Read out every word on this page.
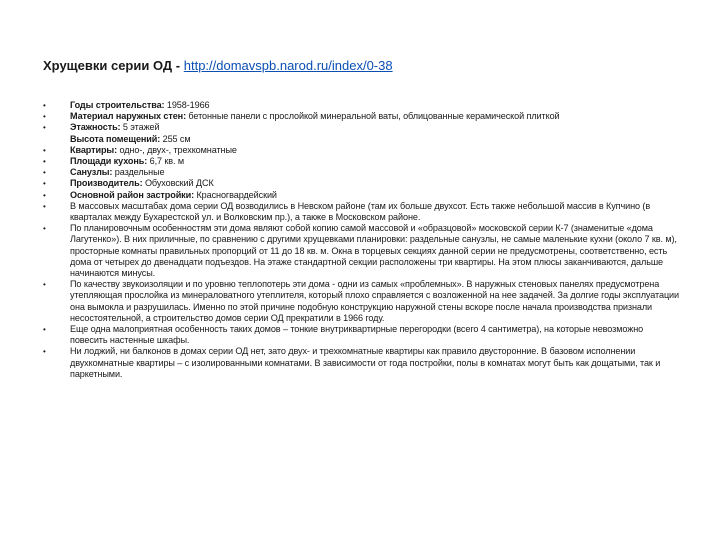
Хрущевки серии ОД - http://domavspb.narod.ru/index/0-38
•	Годы строительства: 1958-1966
•	Материал наружных стен: бетонные панели с прослойкой минеральной ваты, облицованные керамической плиткой
•	Этажность: 5 этажей
Высота помещений: 255 см
•	Квартиры: одно-, двух-, трехкомнатные
•	Площади кухонь: 6,7 кв. м
•	Санузлы: раздельные
•	Производитель: Обуховский ДСК
•	Основной район застройки: Красногвардейский
•	В массовых масштабах дома серии ОД возводились в Невском районе (там их больше двухсот. Есть также небольшой массив в Купчино (в кварталах между Бухарестской ул. и Волковским пр.), а также в Московском районе.
•	По планировочным особенностям эти дома являют собой копию самой массовой и «образцовой» московской серии К-7 (знаменитые «дома Лагутенко»). В них приличные, по сравнению с другими хрущевками планировки: раздельные санузлы, не самые маленькие кухни (около 7 кв. м), просторные комнаты правильных пропорций от 11 до 18 кв. м. Окна в торцевых секциях данной серии не предусмотрены, соответственно, есть дома от четырех до двенадцати подъездов. На этаже стандартной секции расположены три квартиры. На этом плюсы заканчиваются, дальше начинаются минусы.
•	По качеству звукоизоляции и по уровню теплопотерь эти дома - одни из самых «проблемных». В наружных стеновых панелях предусмотрена утепляющая прослойка из минераловатного утеплителя, который плохо справляется с возложенной на нее задачей. За долгие годы эксплуатации она вымокла и разрушилась. Именно по этой причине подобную конструкцию наружной стены вскоре после начала производства признали несостоятельной, а строительство домов серии ОД прекратили в 1966 году.
•	Еще одна малоприятная особенность таких домов – тонкие внутриквартирные перегородки (всего 4 сантиметра), на которые невозможно повесить настенные шкафы.
•	Ни лоджий, ни балконов в домах серии ОД нет, зато двух- и трехкомнатные квартиры как правило двусторонние. В базовом исполнении двухкомнатные квартиры – с изолированными комнатами. В зависимости от года постройки, полы в комнатах могут быть как дощатыми, так и паркетными.
